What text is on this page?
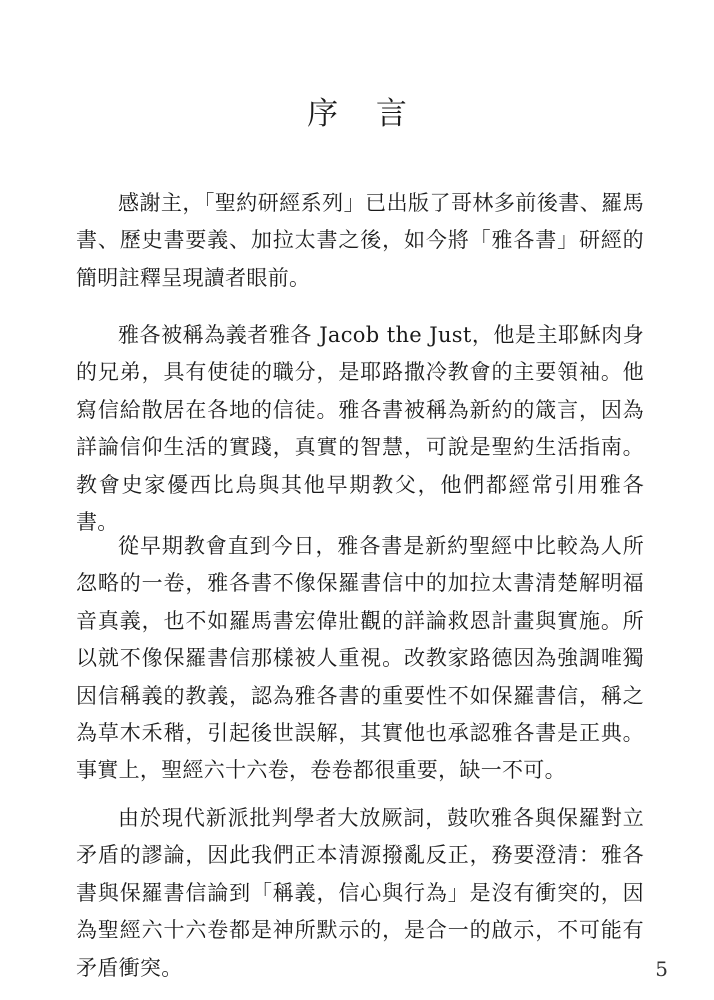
序 言

感謝主，「聖約研經系列」已出版了哥林多前後書、羅馬書、歷史書要義、加拉太書之後，如今將「雅各書」研經的簡明註釋呈現讀者眼前。

雅各被稱為義者雅各 Jacob the Just，他是主耶穌肉身的兄弟，具有使徒的職分，是耶路撒冷教會的主要領袖。他寫信給散居在各地的信徒。雅各書被稱為新約的箴言，因為詳論信仰生活的實踐，真實的智慧，可說是聖約生活指南。教會史家優西比烏與其他早期教父，他們都經常引用雅各書。

從早期教會直到今日，雅各書是新約聖經中比較為人所忽略的一卷，雅各書不像保羅書信中的加拉太書清楚解明福音真義，也不如羅馬書宏偉壯觀的詳論救恩計畫與實施。所以就不像保羅書信那樣被人重視。改教家路德因為強調唯獨因信稱義的教義，認為雅各書的重要性不如保羅書信，稱之為草木禾稭，引起後世誤解，其實他也承認雅各書是正典。事實上，聖經六十六卷，卷卷都很重要，缺一不可。

由於現代新派批判學者大放厥詞，鼓吹雅各與保羅對立矛盾的謬論，因此我們正本清源撥亂反正，務要澄清：雅各書與保羅書信論到「稱義，信心與行為」是沒有衝突的，因為聖經六十六卷都是神所默示的，是合一的啟示，不可能有矛盾衝突。	5
